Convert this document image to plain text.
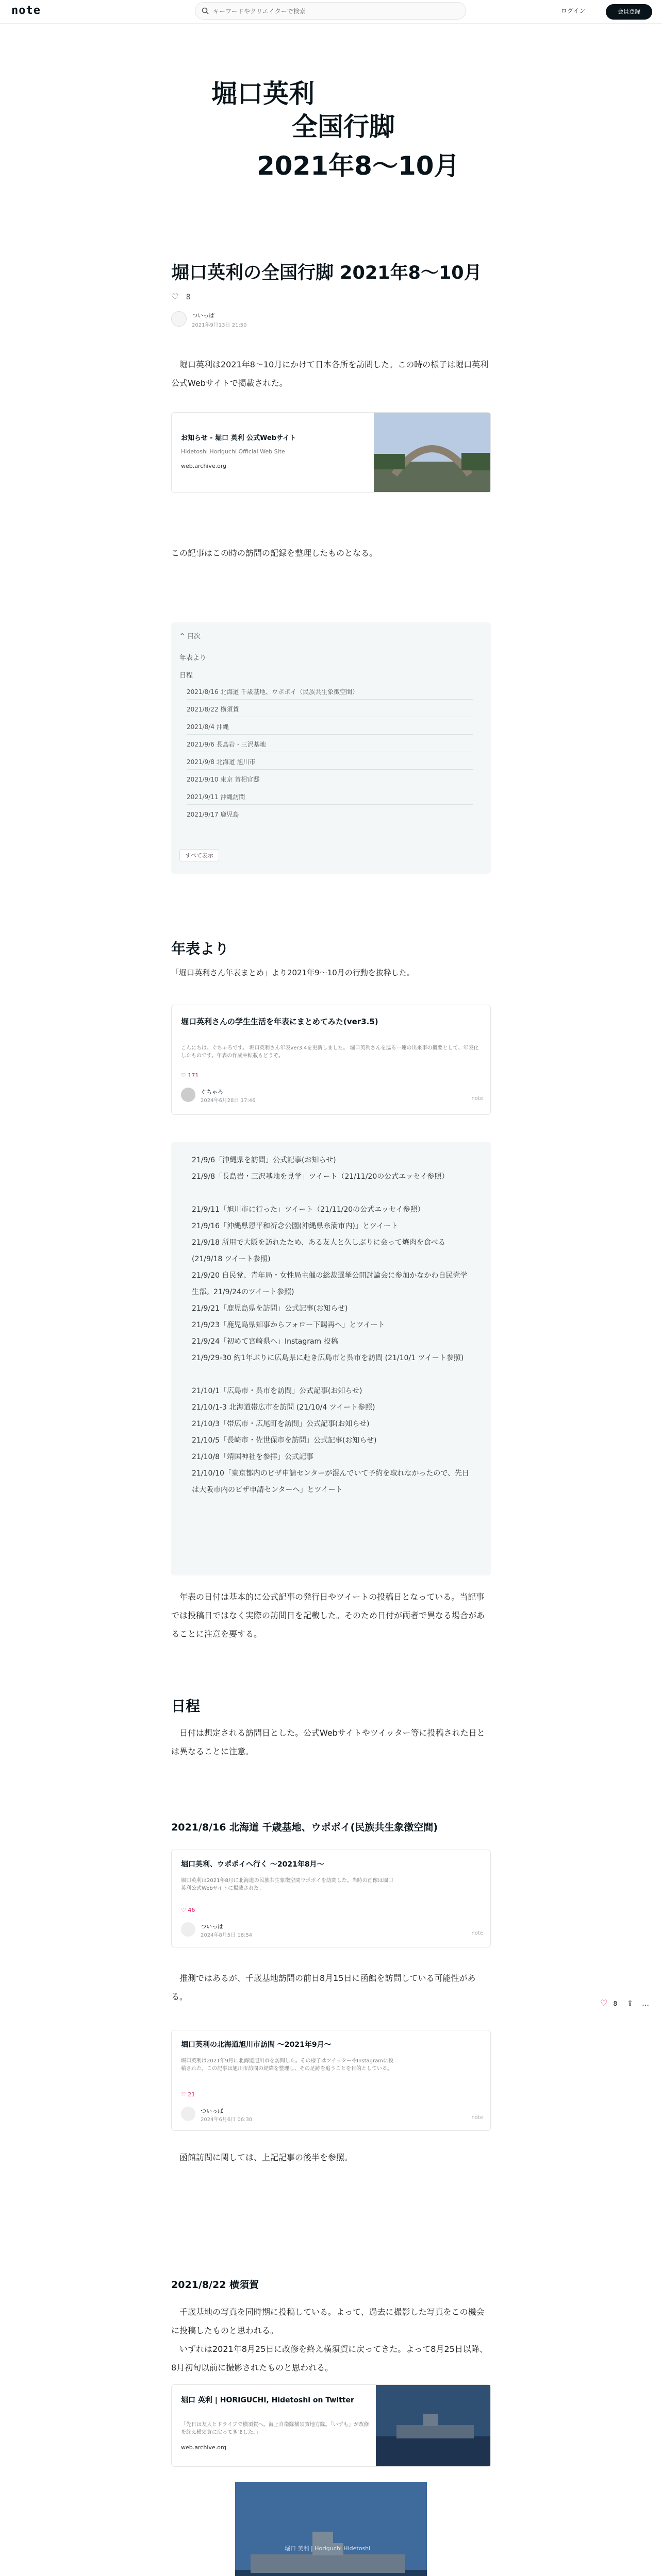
note
キーワードやクリエイターで検索	ログイン	会員登録
堀口英利
全国行脚
2021年8〜10月
堀口英利の全国行脚 2021年8〜10月
♡ 8
ついっぱ
2021年9月13日 21:50
堀口英利は2021年8〜10月にかけて日本各所を訪問した。この時の様子は堀口英利公式Webサイトで掲載された。
お知らせ - 堀口 英利 公式Webサイト
Hidetoshi Horiguchi Official Web Site
web.archive.org
この記事はこの時の訪問の記録を整理したものとなる。
^ 目次
年表より
日程
2021/8/16 北海道 千歳基地、ウポポイ（民族共生象徴空間）
2021/8/22 横須賀
2021/8/4 沖縄
2021/9/6 長島岩・三沢基地
2021/9/8 北海道 旭川市
2021/9/10 東京 首相官邸
2021/9/11 沖縄訪問
2021/9/17 鹿児島
すべて表示
年表より
「堀口英利さん年表まとめ」より2021年9〜10月の行動を抜粋した。
堀口英利さんの学生生活を年表にまとめてみた(ver3.5)
こんにちは。ぐちゃろです。 堀口英利さん年表ver3.4を更新しました。 堀口英利さんを巡る一連の出来事の概要として、年表化したものです。年表の作成や転載もどうぞ。
♡ 171
ぐちゃろ
2024年6月28日 17:46	note
21/9/6「沖縄県を訪問」公式記事(お知らせ)
21/9/8「長島岩・三沢基地を見学」ツイート（21/11/20の公式エッセイ参照）
21/9/11「旭川市に行った」ツイート（21/11/20の公式エッセイ参照）
21/9/16「沖縄県恩平和祈念公園(沖縄県糸満市内)」とツイート
21/9/18 所用で大阪を訪れたため、ある友人と久しぶりに会って焼肉を食べる (21/9/18 ツイート参照)
21/9/20 自民党、青年局・女性局主催の総裁選挙公開討論会に参加かなかわ自民党学生部。21/9/24のツイート参照)
21/9/21「鹿児島県を訪問」公式記事(お知らせ)
21/9/23「鹿児島県知事からフォロー下賜再へ」とツイート
21/9/24「初めて宮崎県へ」Instagram 投稿
21/9/29-30 約1年ぶりに広島県に赴き広島市と呉市を訪問 (21/10/1 ツイート参照)
21/10/1「広島市・呉市を訪問」公式記事(お知らせ)
21/10/1-3 北海道帯広市を訪問 (21/10/4 ツイート参照)
21/10/3「帯広市・広尾町を訪問」公式記事(お知らせ)
21/10/5「長崎市・佐世保市を訪問」公式記事(お知らせ)
21/10/8「靖国神社を参拝」公式記事
21/10/10「東京都内のビザ申請センターが混んでいて予約を取れなかったので、先日は大阪市内のビザ申請センターへ」とツイート
年表の日付は基本的に公式記事の発行日やツイートの投稿日となっている。当記事では投稿日ではなく実際の訪問日を記載した。そのため日付が両者で異なる場合があることに注意を要する。
日程
日付は想定される訪問日とした。公式Webサイトやツイッター等に投稿された日とは異なることに注意。
2021/8/16 北海道 千歳基地、ウポポイ(民族共生象徴空間)
堀口英利、ウポポイへ行く 〜2021年8月〜
堀口英利は2021年8月に北海道の民族共生象徴空間ウポポイを訪問した。当時の画像は堀口英利公式Webサイトに掲載された。
♡ 46
ついっぱ
2024年8月5日 18:54	note
推測ではあるが、千歳基地訪問の前日8月15日に函館を訪問している可能性がある。
堀口英利の北海道旭川市訪問 〜2021年9月〜
堀口英利は2021年9月に北海道旭川市を訪問した。その様子はツイッターやInstagramに投稿された。この記事は旭川市訪問の経緯を整理し、その足跡を追うことを目的としている。
♡ 21
ついっぱ
2024年6月6日 06:30	note
函館訪問に関しては、上記記事の後半を参照。
2021/8/22 横須賀
千歳基地の写真を同時期に投稿している。よって、過去に撮影した写真をこの機会に投稿したものと思われる。
いずれは2021年8月25日に改修を終え横須賀に戻ってきた。よって8月25日以降、8月初旬以前に撮影されたものと思われる。
堀口 英利 | HORIGUCHI, Hidetoshi on Twitter
「先日は友人とドライブで横須賀へ。海上自衛隊横須賀地方隊。「いずも」が改修を終え横須賀に戻ってきました。」
web.archive.org
堀口 英利 | Horiguchi Hidetoshi
♡ 8 ⇪ …
